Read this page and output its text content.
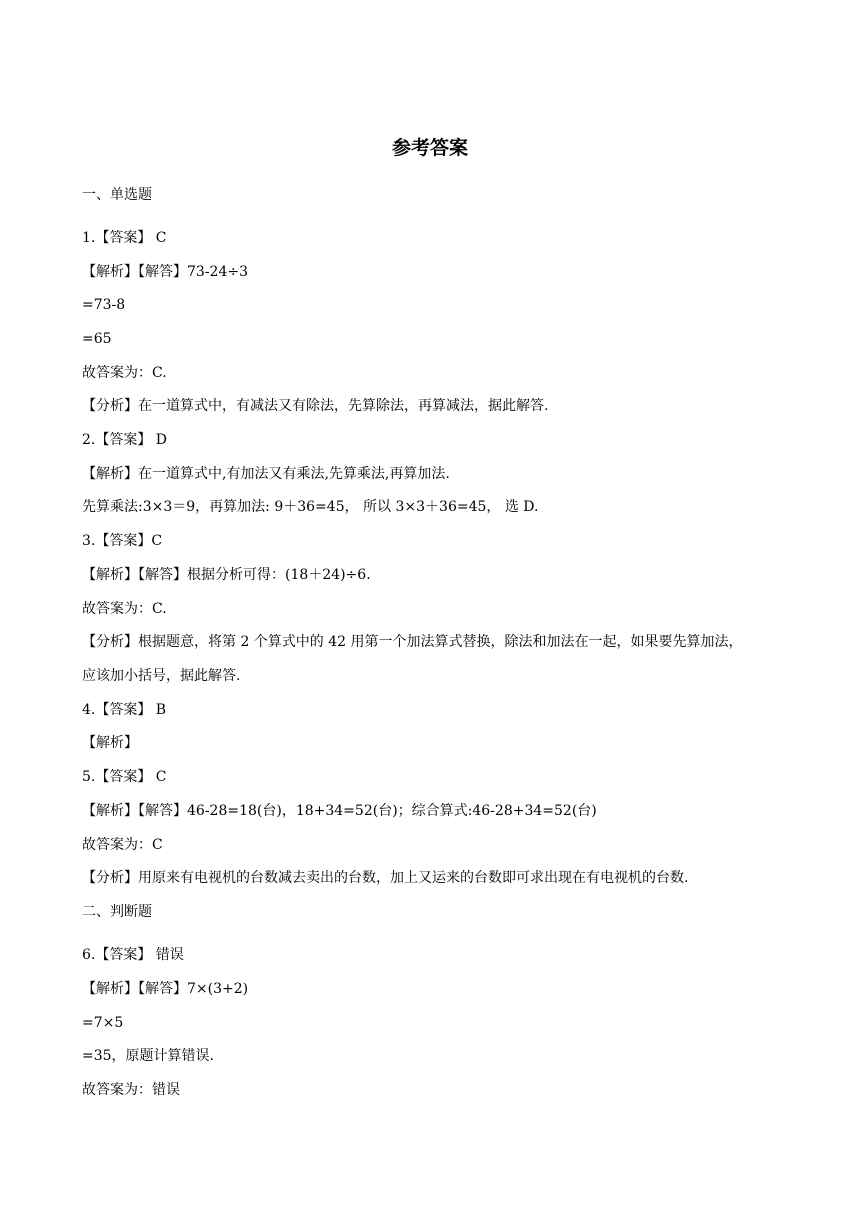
参考答案
一、单选题
1.【答案】 C
【解析】【解答】73-24÷3
=73-8
=65
故答案为：C.
【分析】在一道算式中，有减法又有除法，先算除法，再算减法，据此解答.
2.【答案】 D
【解析】在一道算式中,有加法又有乘法,先算乘法,再算加法.
先算乘法:3×3＝9，再算加法: 9＋36=45， 所以 3×3＋36=45， 选 D.
3.【答案】C
【解析】【解答】根据分析可得：(18＋24)÷6.
故答案为：C.
【分析】根据题意，将第 2 个算式中的 42 用第一个加法算式替换，除法和加法在一起，如果要先算加法，
应该加小括号，据此解答.
4.【答案】 B
【解析】
5.【答案】 C
【解析】【解答】46-28=18(台)，18+34=52(台)；综合算式:46-28+34=52(台)
故答案为：C
【分析】用原来有电视机的台数减去卖出的台数，加上又运来的台数即可求出现在有电视机的台数.
二、判断题
6.【答案】 错误
【解析】【解答】7×(3+2)
=7×5
=35，原题计算错误.
故答案为：错误
